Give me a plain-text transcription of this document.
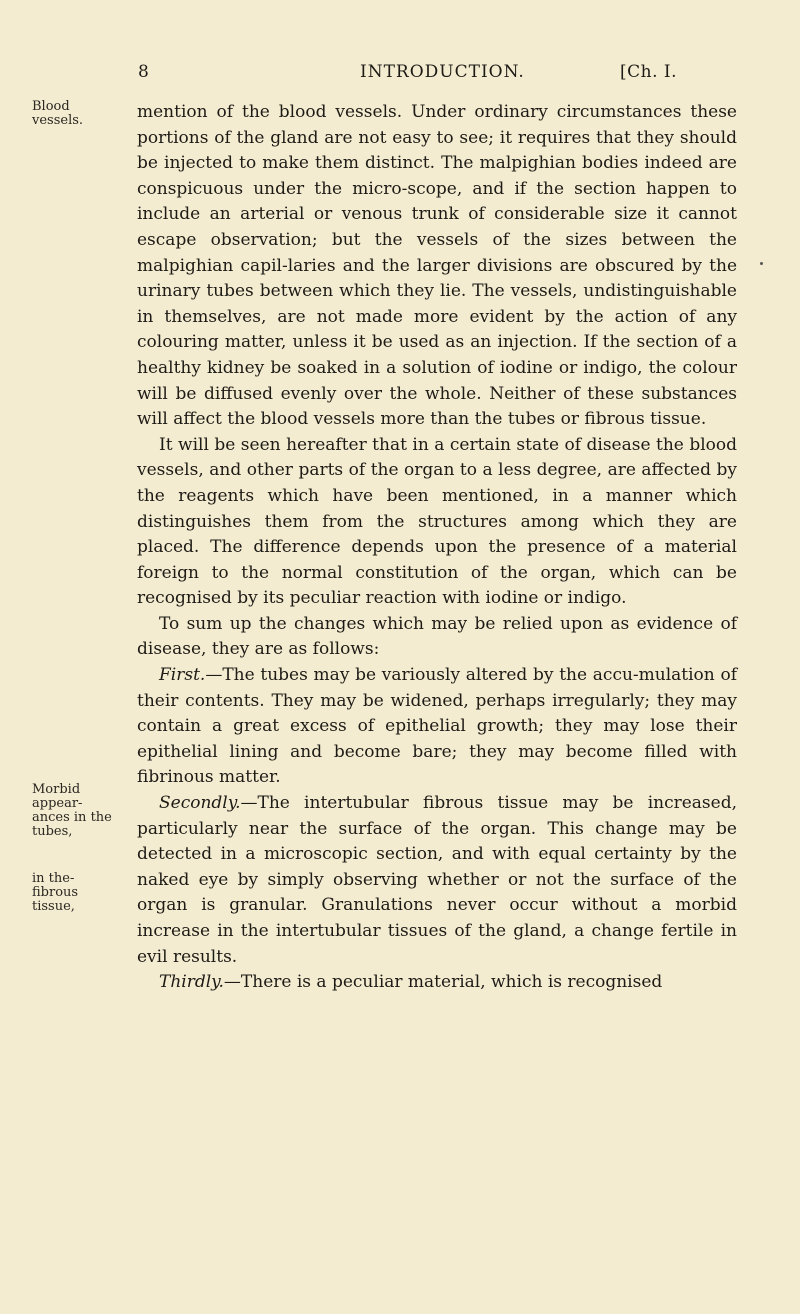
8	INTRODUCTION.	[Ch. I.
Blood vessels.
Morbid appear-ances in the tubes,
in the-fibrous tissue,

mention of the blood vessels. Under ordinary circumstances these portions of the gland are not easy to see; it requires that they should be injected to make them distinct. The malpighian bodies indeed are conspicuous under the micro-scope, and if the section happen to include an arterial or venous trunk of considerable size it cannot escape observation; but the vessels of the sizes between the malpighian capil-laries and the larger divisions are obscured by the urinary tubes between which they lie. The vessels, undistinguishable in themselves, are not made more evident by the action of any colouring matter, unless it be used as an injection. If the section of a healthy kidney be soaked in a solution of iodine or indigo, the colour will be diffused evenly over the whole. Neither of these substances will affect the blood vessels more than the tubes or fibrous tissue.

It will be seen hereafter that in a certain state of disease the blood vessels, and other parts of the organ to a less degree, are affected by the reagents which have been mentioned, in a manner which distinguishes them from the structures among which they are placed. The difference depends upon the presence of a material foreign to the normal constitution of the organ, which can be recognised by its peculiar reaction with iodine or indigo.

To sum up the changes which may be relied upon as evidence of disease, they are as follows:

First.—The tubes may be variously altered by the accu-mulation of their contents. They may be widened, perhaps irregularly; they may contain a great excess of epithelial growth; they may lose their epithelial lining and become bare; they may become filled with fibrinous matter.

Secondly.—The intertubular fibrous tissue may be increased, particularly near the surface of the organ. This change may be detected in a microscopic section, and with equal certainty by the naked eye by simply observing whether or not the surface of the organ is granular. Granulations never occur without a morbid increase in the intertubular tissues of the gland, a change fertile in evil results.

Thirdly.—There is a peculiar material, which is recognised
